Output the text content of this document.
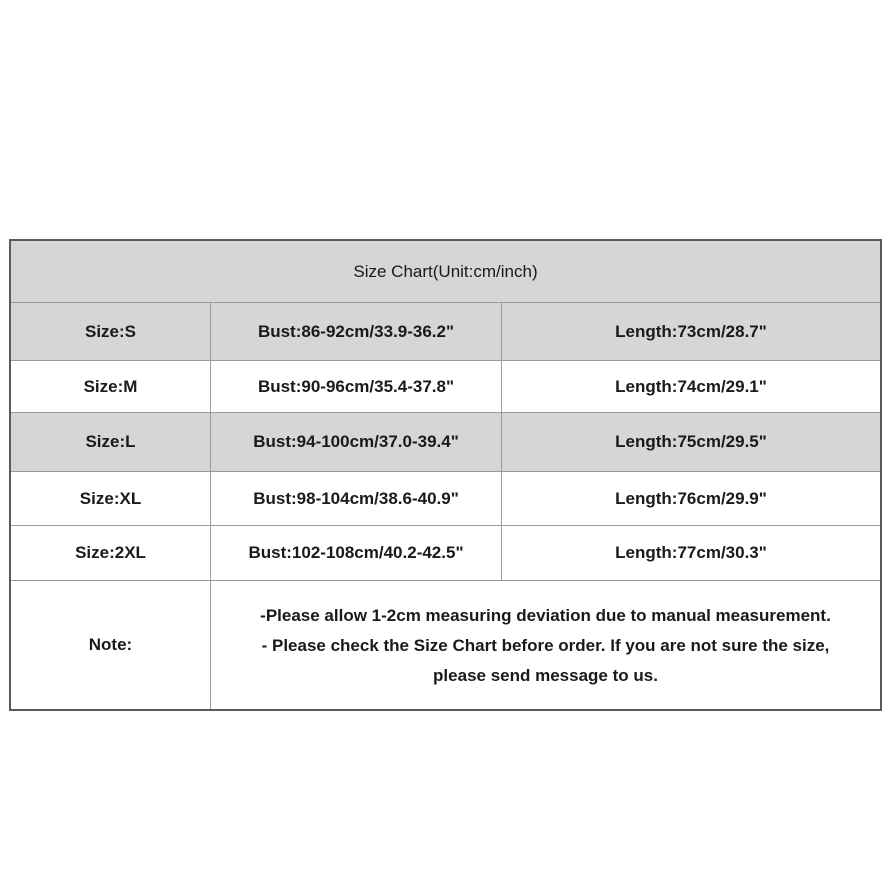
Size Chart(Unit:cm/inch)
Size:S	Bust:86-92cm/33.9-36.2"	Length:73cm/28.7"
Size:M	Bust:90-96cm/35.4-37.8"	Length:74cm/29.1"
Size:L	Bust:94-100cm/37.0-39.4"	Length:75cm/29.5"
Size:XL	Bust:98-104cm/38.6-40.9"	Length:76cm/29.9"
Size:2XL	Bust:102-108cm/40.2-42.5"	Length:77cm/30.3"
Note:
-Please allow 1-2cm measuring deviation due to manual measurement.
- Please check the Size Chart before order. If you are not sure the size,
please send message to us.
